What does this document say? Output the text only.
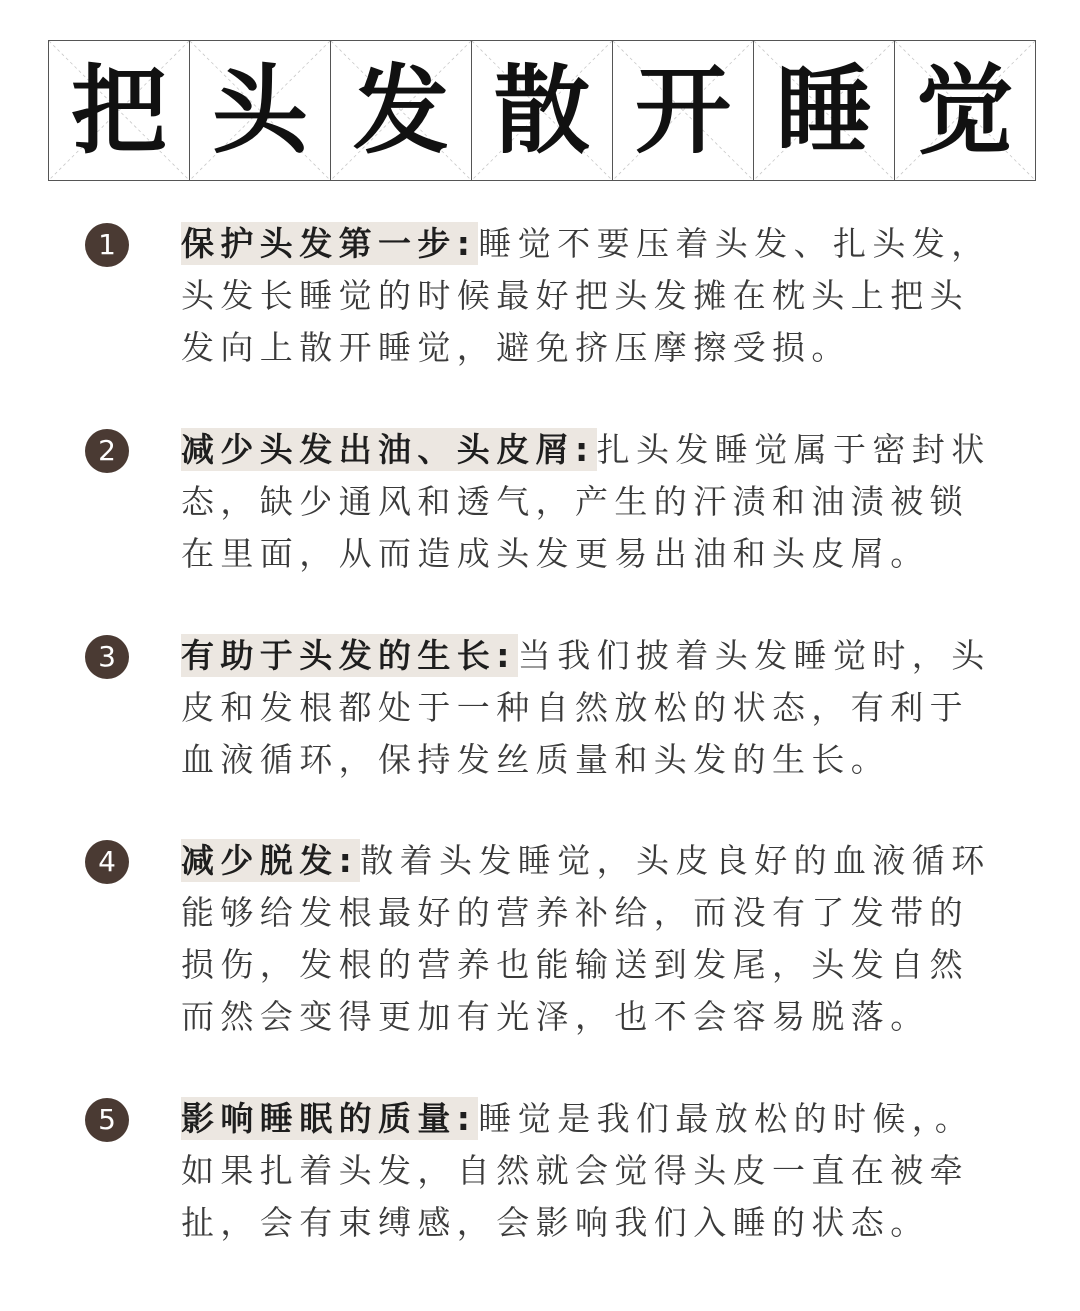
把 头 发 散 开 睡 觉
1	保护头发第一步:睡觉不要压着头发、扎头发，头发长睡觉的时候最好把头发摊在枕头上把头发向上散开睡觉，避免挤压摩擦受损。

2	减少头发出油、头皮屑:扎头发睡觉属于密封状态，缺少通风和透气，产生的汗渍和油渍被锁在里面，从而造成头发更易出油和头皮屑。

3	有助于头发的生长:当我们披着头发睡觉时，头皮和发根都处于一种自然放松的状态，有利于血液循环，保持发丝质量和头发的生长。

4	减少脱发:散着头发睡觉，头皮良好的血液循环能够给发根最好的营养补给，而没有了发带的损伤，发根的营养也能输送到发尾，头发自然而然会变得更加有光泽，也不会容易脱落。

5	影响睡眠的质量:睡觉是我们最放松的时候，。如果扎着头发，自然就会觉得头皮一直在被牵扯，会有束缚感，会影响我们入睡的状态。
